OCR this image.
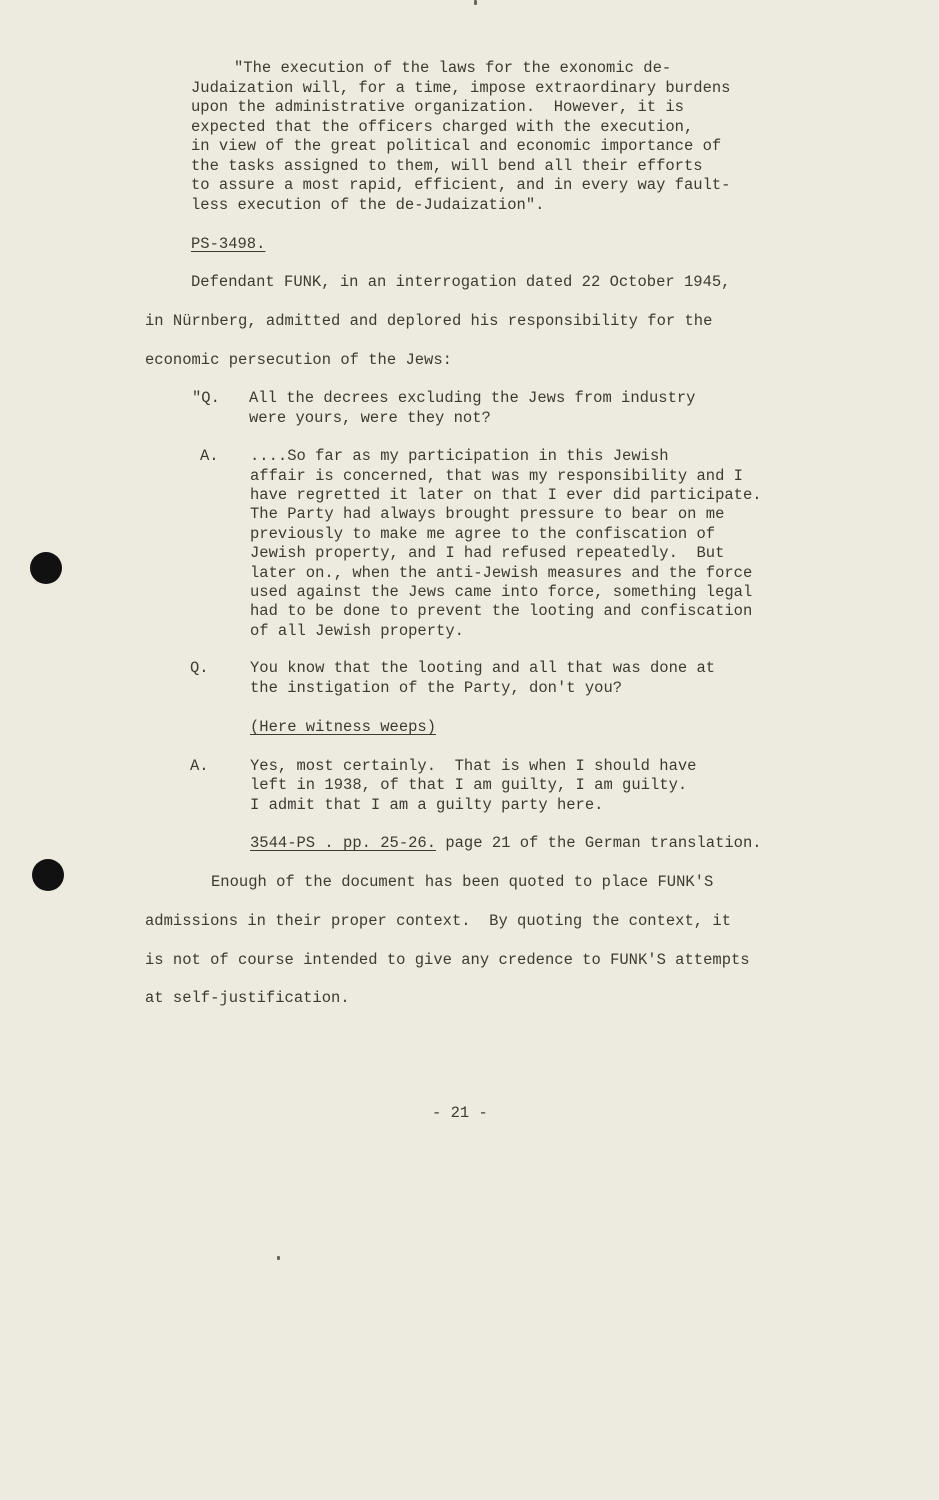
"The execution of the laws for the exonomic de-
Judaization will, for a time, impose extraordinary burdens
upon the administrative organization.  However, it is
expected that the officers charged with the execution,
in view of the great political and economic importance of
the tasks assigned to them, will bend all their efforts
to assure a most rapid, efficient, and in every way fault-
less execution of the de-Judaization".
PS-3498.
Defendant FUNK, in an interrogation dated 22 October 1945,
in Nürnberg, admitted and deplored his responsibility for the
economic persecution of the Jews:
"Q. All the decrees excluding the Jews from industry
were yours, were they not?
A. ....So far as my participation in this Jewish
affair is concerned, that was my responsibility and I
have regretted it later on that I ever did participate.
The Party had always brought pressure to bear on me
previously to make me agree to the confiscation of
Jewish property, and I had refused repeatedly.  But
later on., when the anti-Jewish measures and the force
used against the Jews came into force, something legal
had to be done to prevent the looting and confiscation
of all Jewish property.
Q.	You know that the looting and all that was done at
the instigation of the Party, don't you?
(Here witness weeps)
A.	Yes, most certainly.  That is when I should have
left in 1938, of that I am guilty, I am guilty.
I admit that I am a guilty party here.
3544-PS . pp. 25-26. page 21 of the German translation.
Enough of the document has been quoted to place FUNK'S
admissions in their proper context.  By quoting the context, it
is not of course intended to give any credence to FUNK'S attempts
at self-justification.
- 21 -
